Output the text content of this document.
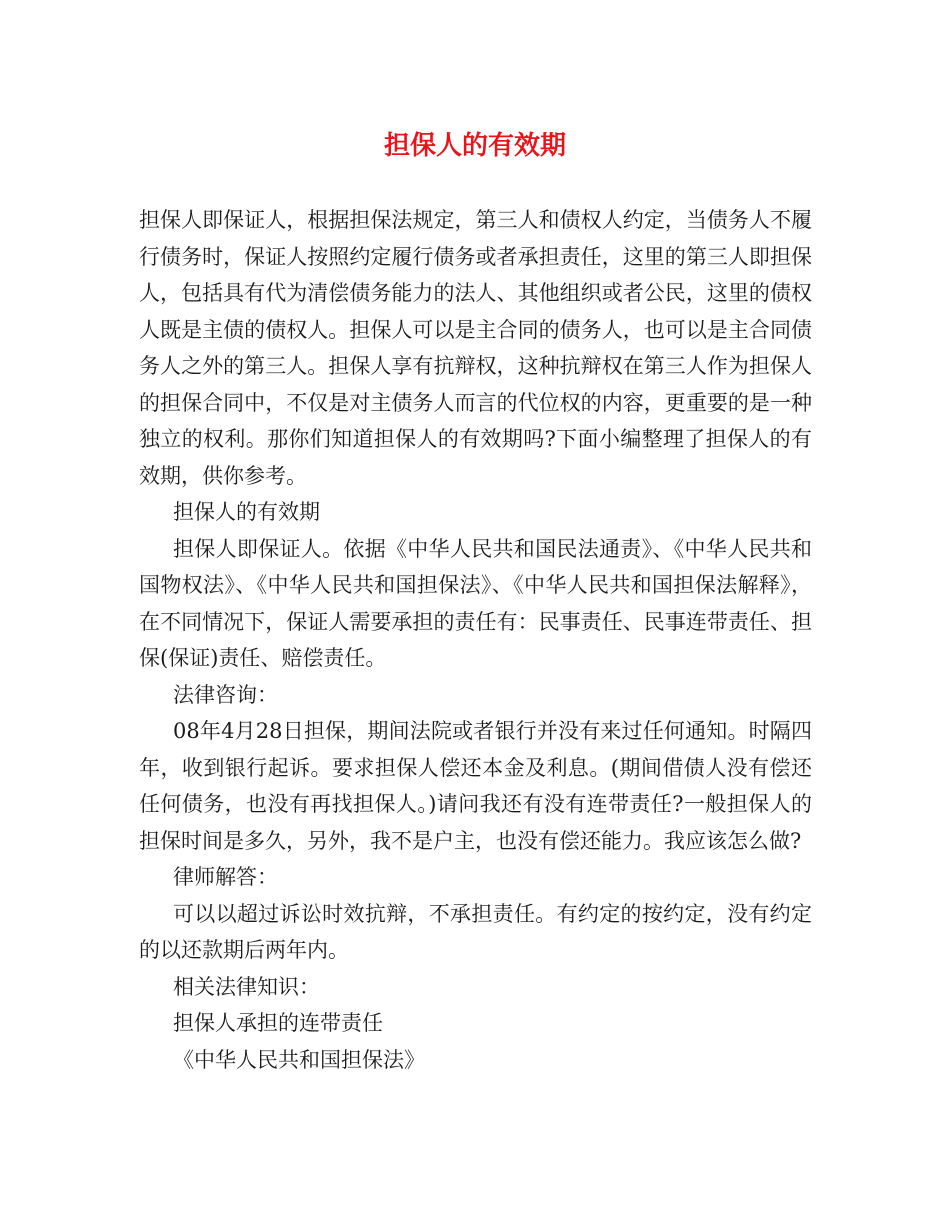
担保人的有效期

担保人即保证人，根据担保法规定，第三人和债权人约定，当债务人不履行债务时，保证人按照约定履行债务或者承担责任，这里的第三人即担保人，包括具有代为清偿债务能力的法人、其他组织或者公民，这里的债权人既是主债的债权人。担保人可以是主合同的债务人，也可以是主合同债务人之外的第三人。担保人享有抗辩权，这种抗辩权在第三人作为担保人的担保合同中，不仅是对主债务人而言的代位权的内容，更重要的是一种独立的权利。那你们知道担保人的有效期吗?下面小编整理了担保人的有效期，供你参考。

担保人的有效期

担保人即保证人。依据《中华人民共和国民法通责》、《中华人民共和国物权法》、《中华人民共和国担保法》、《中华人民共和国担保法解释》，在不同情况下，保证人需要承担的责任有：民事责任、民事连带责任、担保(保证)责任、赔偿责任。

法律咨询：

08年4月28日担保，期间法院或者银行并没有来过任何通知。时隔四年，收到银行起诉。要求担保人偿还本金及利息。(期间借债人没有偿还任何债务，也没有再找担保人。)请问我还有没有连带责任?一般担保人的担保时间是多久，另外，我不是户主，也没有偿还能力。我应该怎么做?

律师解答：

可以以超过诉讼时效抗辩，不承担责任。有约定的按约定，没有约定的以还款期后两年内。

相关法律知识：

担保人承担的连带责任

《中华人民共和国担保法》
